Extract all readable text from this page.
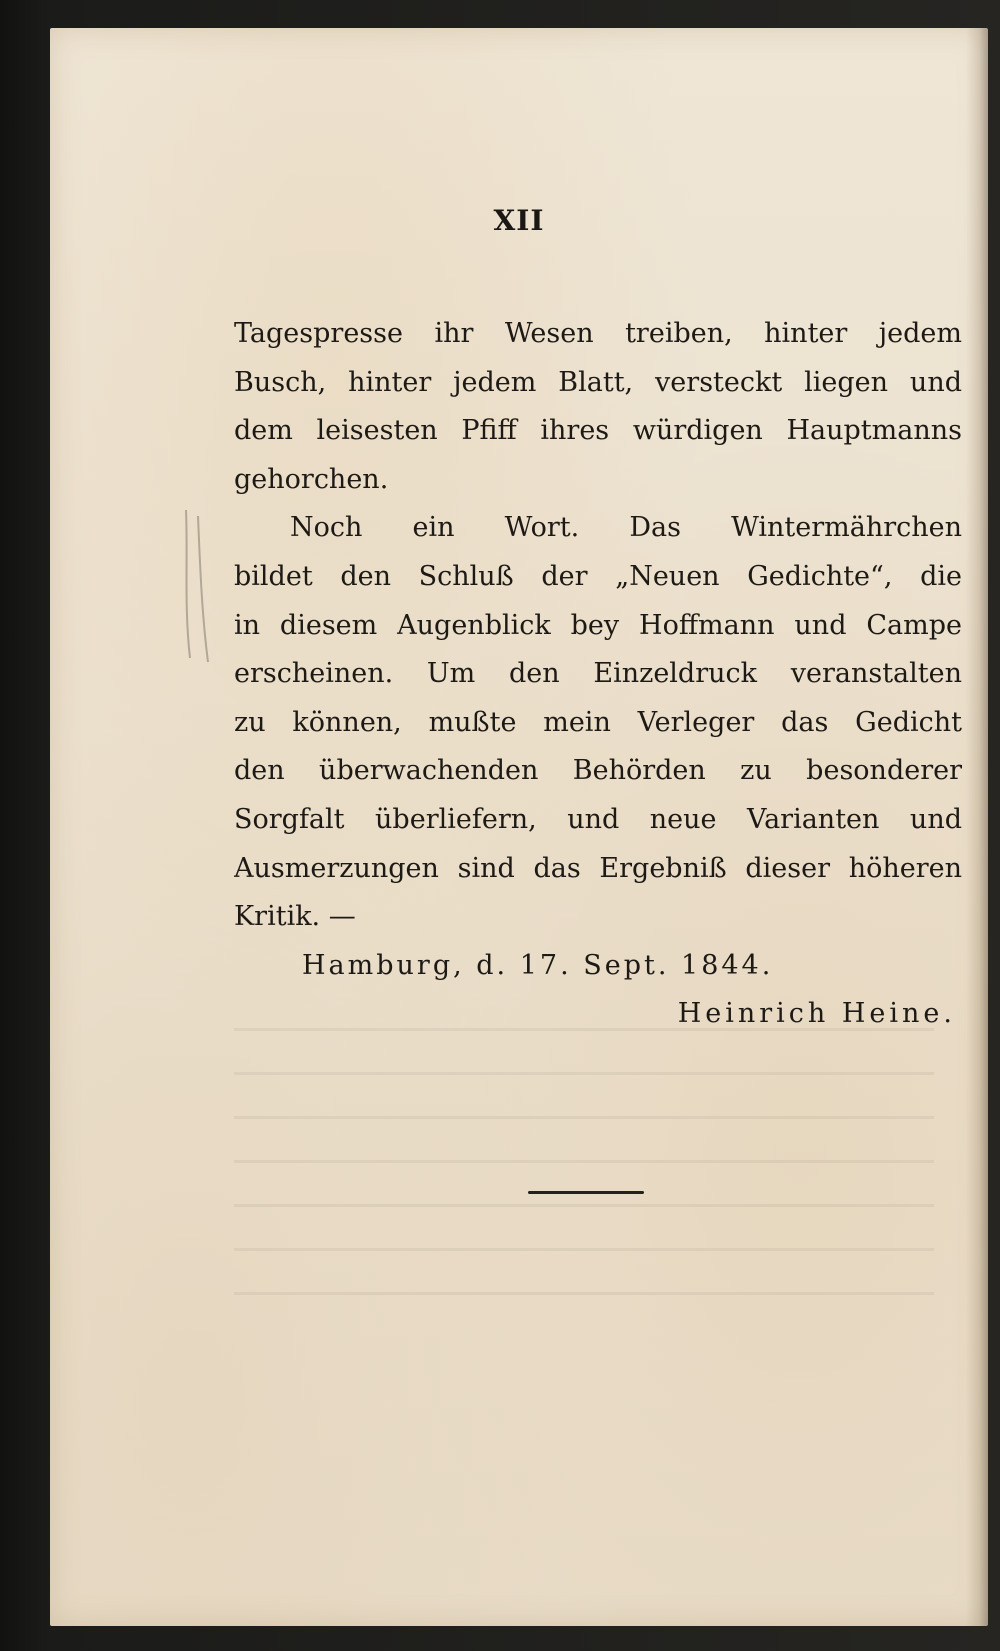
XII
Tagespresse ihr Wesen treiben, hinter jedem
Busch, hinter jedem Blatt, versteckt liegen und
dem leisesten Pfiff ihres würdigen Hauptmanns
gehorchen.
Noch ein Wort. Das Wintermährchen
bildet den Schluß der „Neuen Gedichte“, die
in diesem Augenblick bey Hoffmann und Campe
erscheinen. Um den Einzeldruck veranstalten
zu können, mußte mein Verleger das Gedicht
den überwachenden Behörden zu besonderer
Sorgfalt überliefern, und neue Varianten und
Ausmerzungen sind das Ergebniß dieser höheren
Kritik. —
Hamburg, d. 17. Sept. 1844.
Heinrich Heine.
